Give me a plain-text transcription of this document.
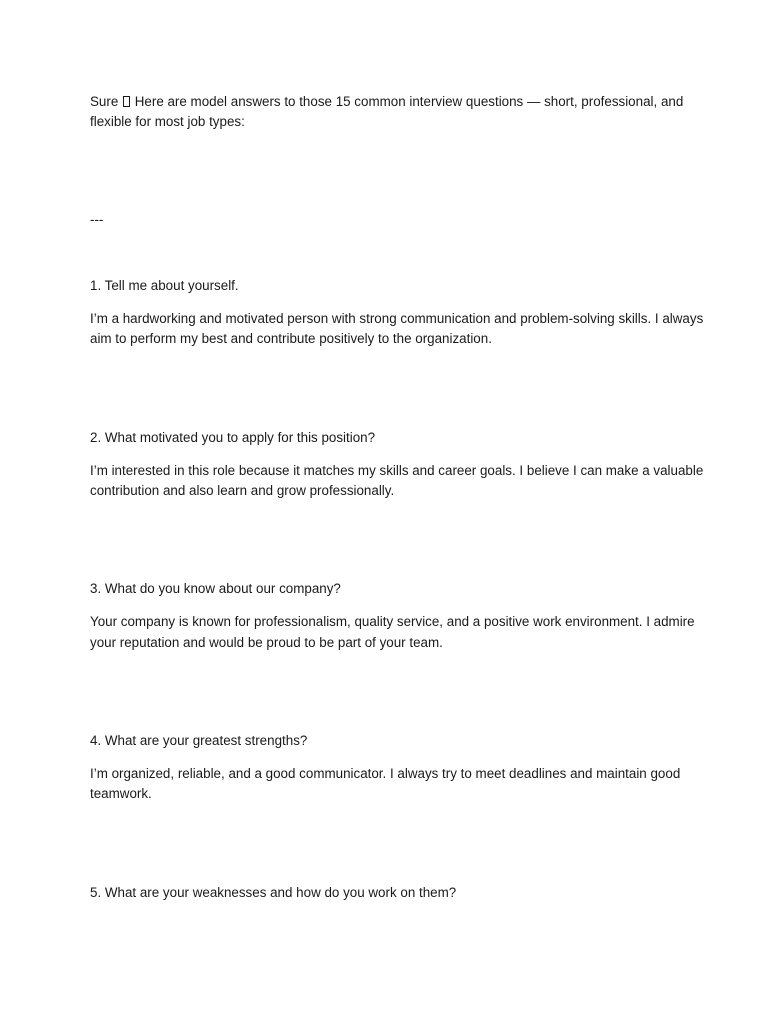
Sure  Here are model answers to those 15 common interview questions — short, professional, and

flexible for most job types:

---

1. Tell me about yourself.

I’m a hardworking and motivated person with strong communication and problem-solving skills. I always

aim to perform my best and contribute positively to the organization.

2. What motivated you to apply for this position?

I’m interested in this role because it matches my skills and career goals. I believe I can make a valuable

contribution and also learn and grow professionally.

3. What do you know about our company?

Your company is known for professionalism, quality service, and a positive work environment. I admire

your reputation and would be proud to be part of your team.

4. What are your greatest strengths?

I’m organized, reliable, and a good communicator. I always try to meet deadlines and maintain good

teamwork.

5. What are your weaknesses and how do you work on them?
